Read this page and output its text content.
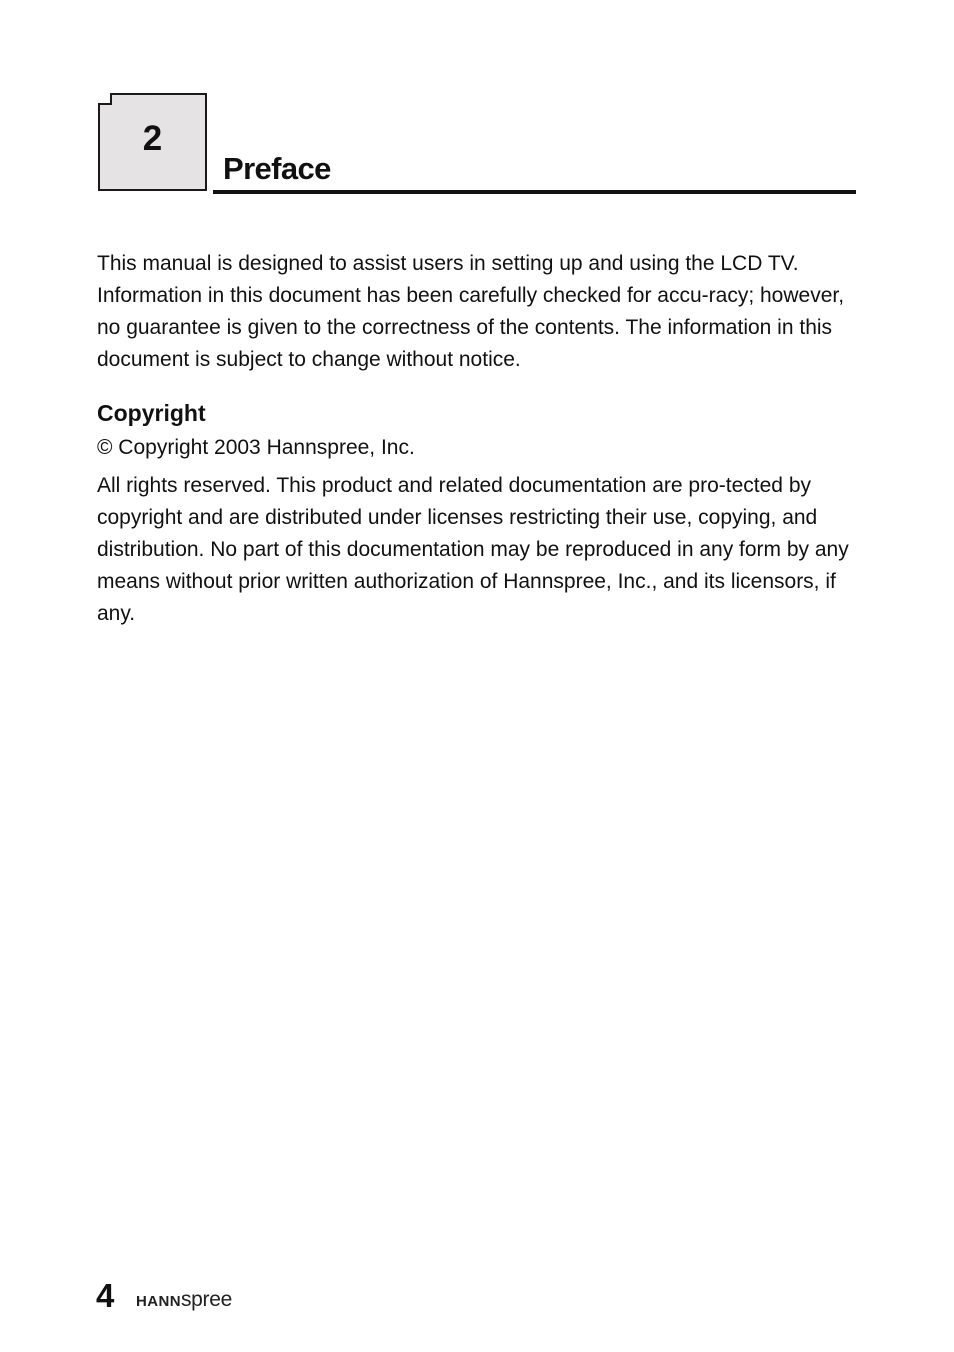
2
Preface

This manual is designed to assist users in setting up and using the LCD TV. Information in this document has been carefully checked for accu-racy; however, no guarantee is given to the correctness of the contents. The information in this document is subject to change without notice.

Copyright

© Copyright 2003 Hannspree, Inc.

All rights reserved. This product and related documentation are pro-tected by copyright and are distributed under licenses restricting their use, copying, and distribution. No part of this documentation may be reproduced in any form by any means without prior written authorization of Hannspree, Inc., and its licensors, if any.

4 HANNspree
